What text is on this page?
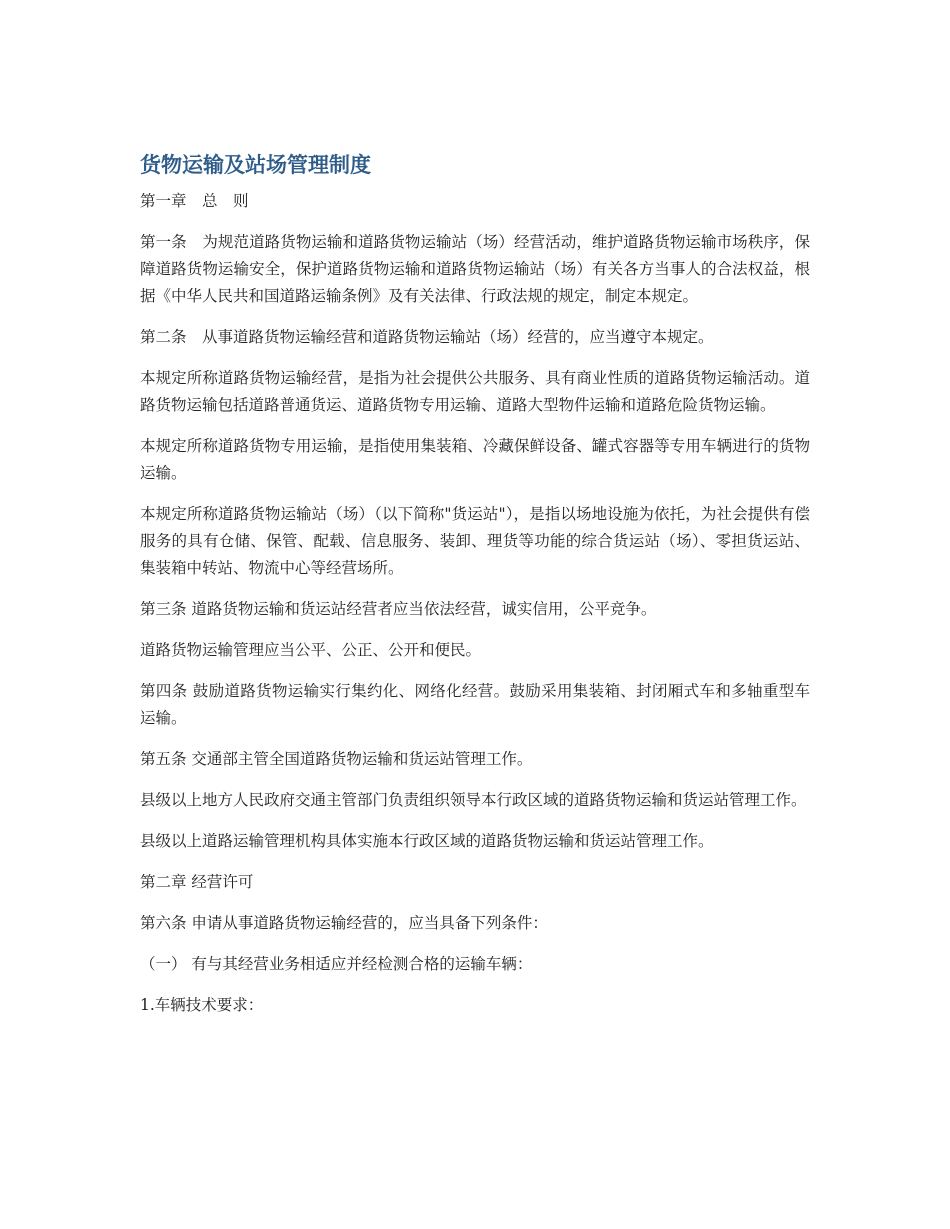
货物运输及站场管理制度

第一章　总　则

第一条　为规范道路货物运输和道路货物运输站（场）经营活动，维护道路货物运输市场秩序，保障道路货物运输安全，保护道路货物运输和道路货物运输站（场）有关各方当事人的合法权益，根据《中华人民共和国道路运输条例》及有关法律、行政法规的规定，制定本规定。

第二条　从事道路货物运输经营和道路货物运输站（场）经营的，应当遵守本规定。

本规定所称道路货物运输经营，是指为社会提供公共服务、具有商业性质的道路货物运输活动。道路货物运输包括道路普通货运、道路货物专用运输、道路大型物件运输和道路危险货物运输。

本规定所称道路货物专用运输，是指使用集装箱、冷藏保鲜设备、罐式容器等专用车辆进行的货物运输。

本规定所称道路货物运输站（场）（以下简称"货运站"），是指以场地设施为依托，为社会提供有偿服务的具有仓储、保管、配载、信息服务、装卸、理货等功能的综合货运站（场）、零担货运站、集装箱中转站、物流中心等经营场所。

第三条 道路货物运输和货运站经营者应当依法经营，诚实信用，公平竞争。

道路货物运输管理应当公平、公正、公开和便民。

第四条 鼓励道路货物运输实行集约化、网络化经营。鼓励采用集装箱、封闭厢式车和多轴重型车运输。

第五条 交通部主管全国道路货物运输和货运站管理工作。

县级以上地方人民政府交通主管部门负责组织领导本行政区域的道路货物运输和货运站管理工作。

县级以上道路运输管理机构具体实施本行政区域的道路货物运输和货运站管理工作。

第二章 经营许可

第六条 申请从事道路货物运输经营的，应当具备下列条件：

（一） 有与其经营业务相适应并经检测合格的运输车辆：

1.车辆技术要求：
